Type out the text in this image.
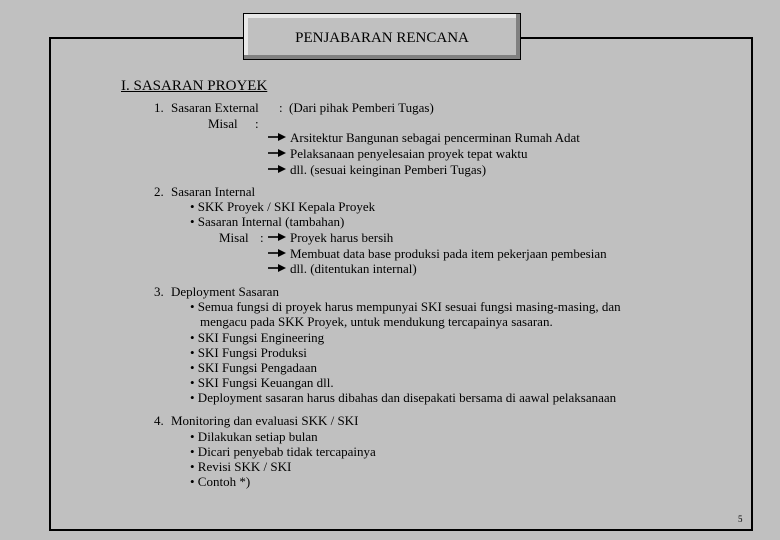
PENJABARAN RENCANA
I. SASARAN PROYEK
1. Sasaran External : (Dari pihak Pemberi Tugas)
Misal :
Arsitektur Bangunan sebagai pencerminan Rumah Adat
Pelaksanaan penyelesaian proyek tepat waktu
dll. (sesuai keinginan Pemberi Tugas)
2. Sasaran Internal
• SKK Proyek / SKI Kepala Proyek
• Sasaran Internal (tambahan)
Misal : Proyek harus bersih
Membuat data base produksi pada item pekerjaan pembesian
dll. (ditentukan internal)
3. Deployment Sasaran
• Semua fungsi di proyek harus mempunyai SKI sesuai fungsi masing-masing, dan
mengacu pada SKK Proyek, untuk mendukung tercapainya sasaran.
• SKI Fungsi Engineering
• SKI Fungsi Produksi
• SKI Fungsi Pengadaan
• SKI Fungsi Keuangan dll.
• Deployment sasaran harus dibahas dan disepakati bersama di aawal pelaksanaan
4. Monitoring dan evaluasi SKK / SKI
• Dilakukan setiap bulan
• Dicari penyebab tidak tercapainya
• Revisi SKK / SKI
• Contoh *)
5
